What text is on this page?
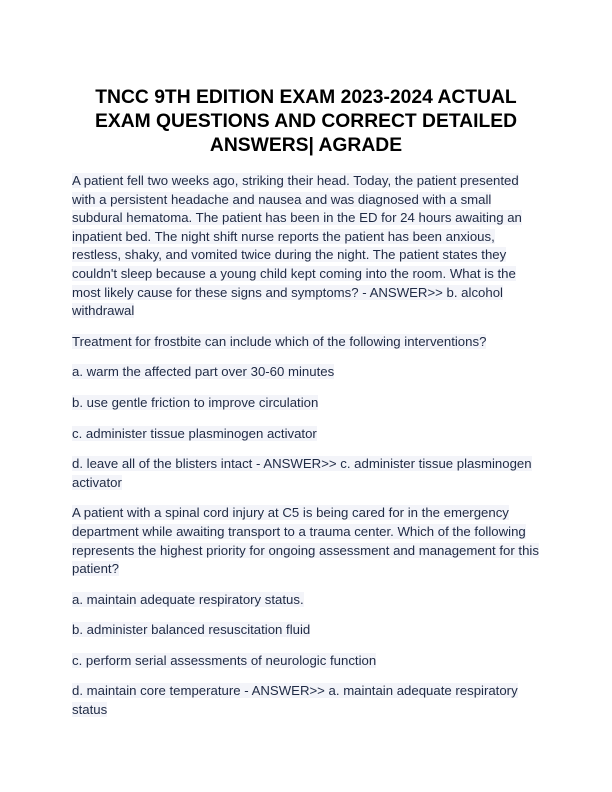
TNCC 9TH EDITION EXAM 2023-2024 ACTUAL EXAM QUESTIONS AND CORRECT DETAILED ANSWERS| AGRADE

A patient fell two weeks ago, striking their head. Today, the patient presented with a persistent headache and nausea and was diagnosed with a small subdural hematoma. The patient has been in the ED for 24 hours awaiting an inpatient bed. The night shift nurse reports the patient has been anxious, restless, shaky, and vomited twice during the night. The patient states they couldn't sleep because a young child kept coming into the room. What is the most likely cause for these signs and symptoms? - ANSWER>> b. alcohol withdrawal

Treatment for frostbite can include which of the following interventions?

a. warm the affected part over 30-60 minutes

b. use gentle friction to improve circulation

c. administer tissue plasminogen activator

d. leave all of the blisters intact - ANSWER>> c. administer tissue plasminogen activator

A patient with a spinal cord injury at C5 is being cared for in the emergency department while awaiting transport to a trauma center. Which of the following represents the highest priority for ongoing assessment and management for this patient?

a. maintain adequate respiratory status.

b. administer balanced resuscitation fluid

c. perform serial assessments of neurologic function

d. maintain core temperature - ANSWER>> a. maintain adequate respiratory status
